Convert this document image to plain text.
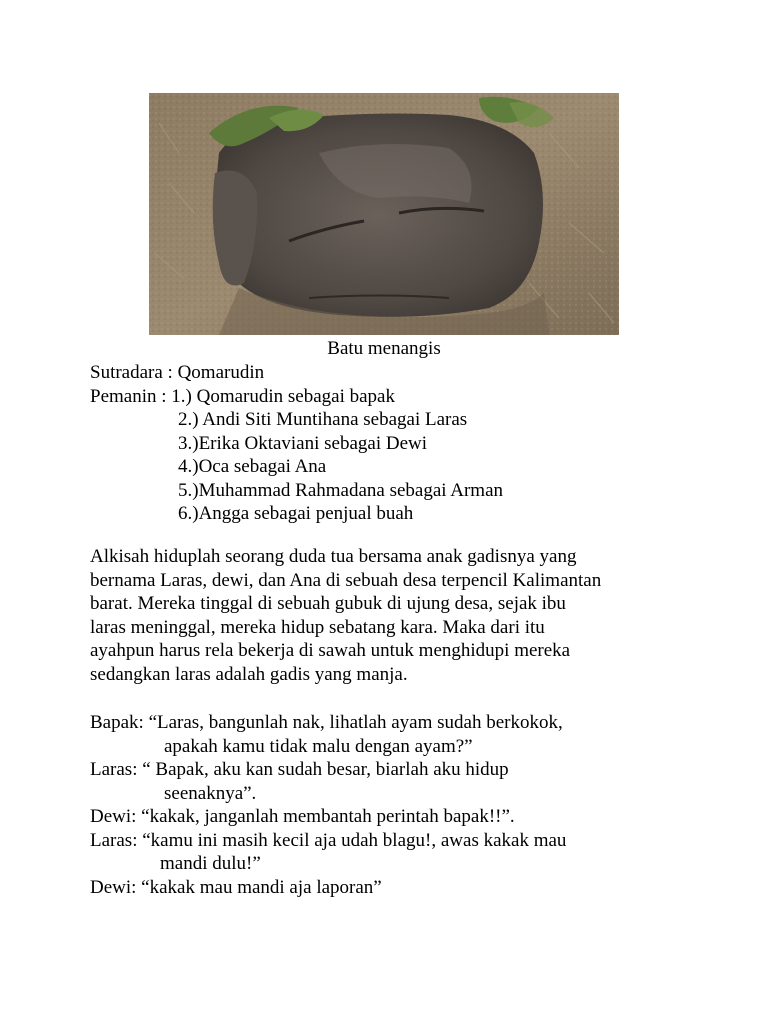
Batu menangis
Sutradara : Qomarudin
Pemanin : 1.) Qomarudin sebagai bapak
2.) Andi Siti Muntihana sebagai Laras
3.)Erika Oktaviani sebagai Dewi
4.)Oca sebagai Ana
5.)Muhammad Rahmadana sebagai Arman
6.)Angga sebagai penjual buah
Alkisah hiduplah seorang duda tua bersama anak gadisnya yang
bernama Laras, dewi, dan Ana di sebuah desa terpencil Kalimantan
barat. Mereka tinggal di sebuah gubuk di ujung desa, sejak ibu
laras meninggal, mereka hidup sebatang kara. Maka dari itu
ayahpun harus rela bekerja di sawah untuk menghidupi mereka
sedangkan laras adalah gadis yang manja.
Bapak: “Laras, bangunlah nak, lihatlah ayam sudah berkokok,
apakah kamu tidak malu dengan ayam?”
Laras: “ Bapak, aku kan sudah besar, biarlah aku hidup
seenaknya”.
Dewi: “kakak, janganlah membantah perintah bapak!!”.
Laras: “kamu ini masih kecil aja udah blagu!, awas kakak mau
mandi dulu!”
Dewi: “kakak mau mandi aja laporan”
